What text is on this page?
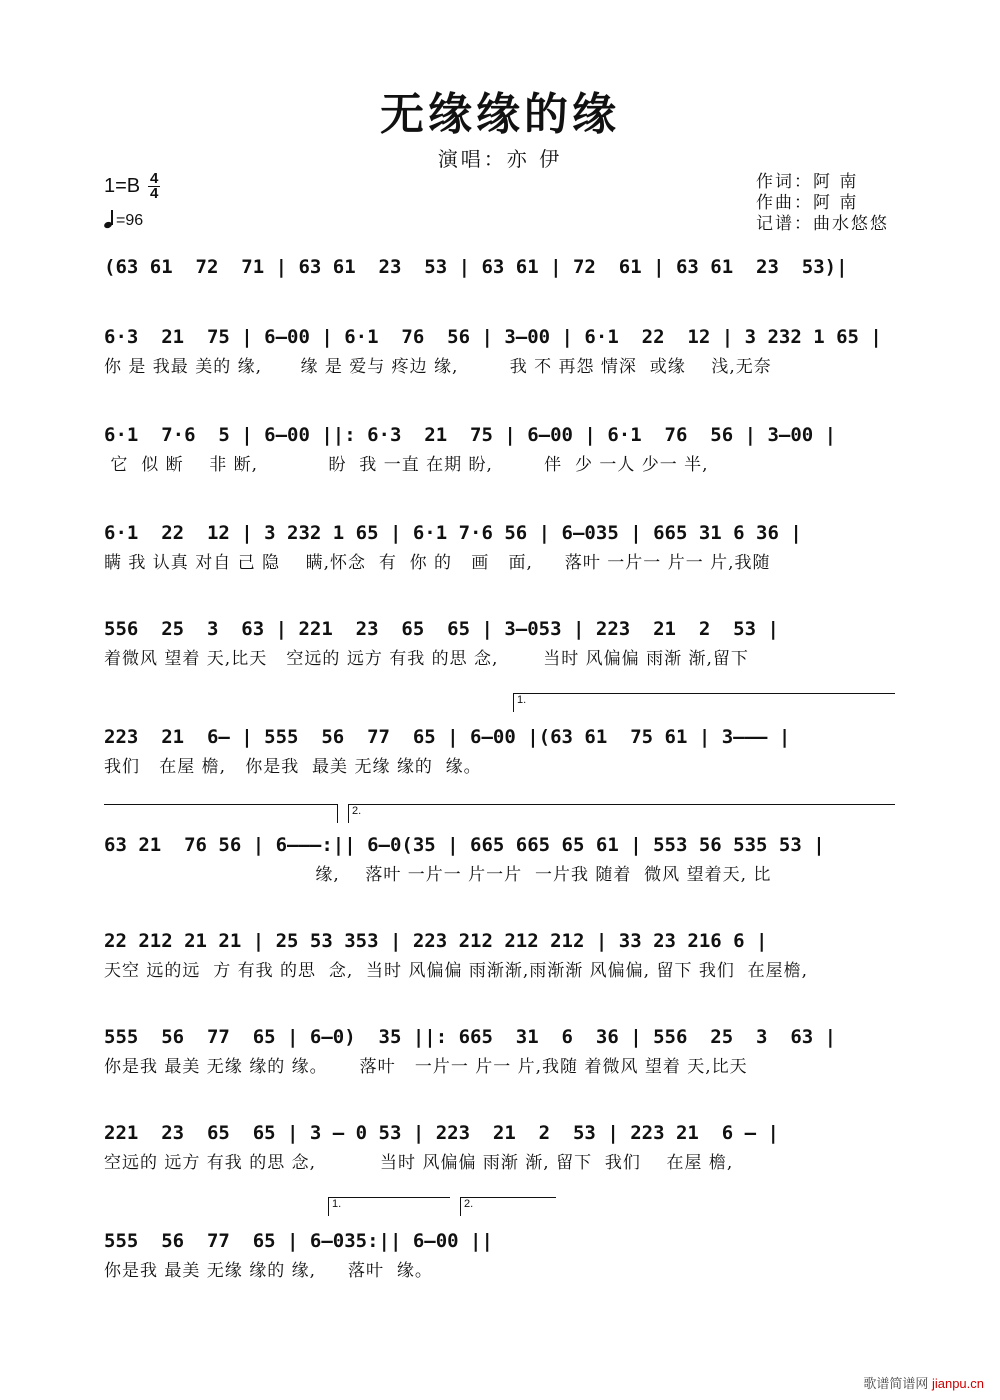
无缘缘的缘
演唱：亦 伊
$1=B \frac{4}{4}$
=96
作词：阿 南
作曲：阿 南
记谱：曲水悠悠
(63 61  72  71 | 63 61  23  53 | 63 61 | 72  61 | 63 61  23  53)|
6·3  21  75 | 6–00 | 6·1  76  56 | 3–00 | 6·1  22  12 | 3 232 1 65 |
你 是 我最 美的 缘,      缘 是 爱与 疼边 缘,        我 不 再怨 情深  或缘    浅,无奈
6·1  7·6  5 | 6–00 ||: 6·3  21  75 | 6–00 | 6·1  76  56 | 3–00 |
它  似 断    非 断,           盼  我 一直 在期 盼,        伴  少 一人 少一 半,
6·1  22  12 | 3 232 1 65 | 6·1 7·6 56 | 6–035 | 665 31 6 36 |
瞒 我 认真 对自 己 隐    瞒,怀念  有  你 的   画   面,     落叶 一片一 片一 片,我随
556  25  3  63 | 221  23  65  65 | 3–053 | 223  21  2  53 |
着微风 望着 天,比天   空远的 远方 有我 的思 念,       当时 风偏偏 雨渐 渐,留下
1.
223  21  6– | 555  56  77  65 | 6–00 |(63 61  75 61 | 3––– |
我们   在屋 檐,   你是我  最美 无缘 缘的  缘。
2.
63 21  76 56 | 6–––:|| 6–0(35 | 665 665 65 61 | 553 56 535 53 |
缘,    落叶 一片一 片一片  一片我 随着  微风 望着天, 比
22 212 21 21 | 25 53 353 | 223 212 212 212 | 33 23 216 6 |
天空 远的远  方 有我 的思  念,  当时 风偏偏 雨渐渐,雨渐渐 风偏偏, 留下 我们  在屋檐,
555  56  77  65 | 6–0)  35 ||: 665  31  6  36 | 556  25  3  63 |
你是我 最美 无缘 缘的 缘。     落叶   一片一 片一 片,我随 着微风 望着 天,比天
221  23  65  65 | 3 – 0 53 | 223  21  2  53 | 223 21  6 – |
空远的 远方 有我 的思 念,          当时 风偏偏 雨渐 渐, 留下  我们    在屋 檐,
1.	2.
555  56  77  65 | 6–035:|| 6–00 ||
你是我 最美 无缘 缘的 缘,     落叶  缘。
歌谱简谱网 jianpu.cn
